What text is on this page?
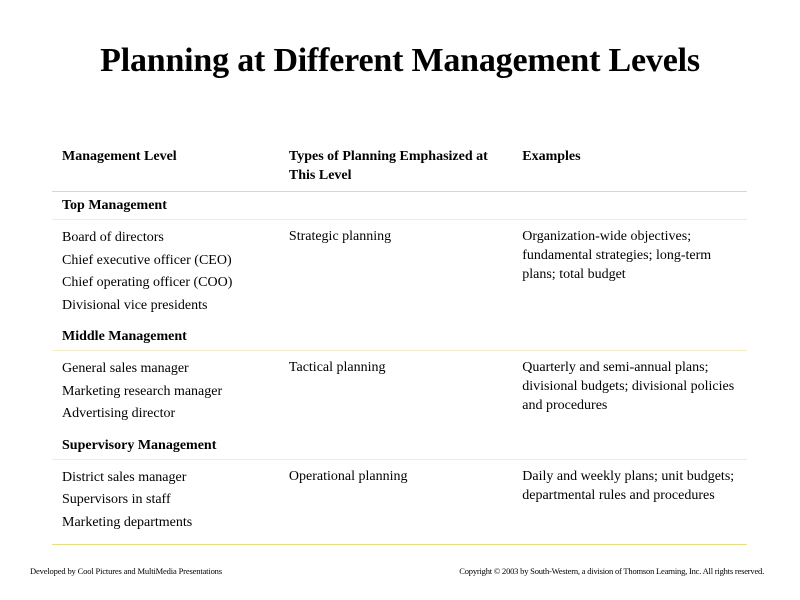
Planning at Different Management Levels
Management Level	Types of Planning Emphasized at This Level	Examples
Top Management		

Board of directors
Chief executive officer (CEO)
Chief operating officer (COO)
Divisional vice presidents	Strategic planning	Organization-wide objectives; fundamental strategies; long-term plans; total budget
Middle Management		

General sales manager
Marketing research manager
Advertising director	Tactical planning	Quarterly and semi-annual plans; divisional budgets; divisional policies and procedures
Supervisory Management		

District sales manager
Supervisors in staff
Marketing departments	Operational planning	Daily and weekly plans; unit budgets; departmental rules and procedures
Developed by Cool Pictures and MultiMedia Presentations	Copyright © 2003 by South-Western, a division of Thomson Learning, Inc. All rights reserved.
